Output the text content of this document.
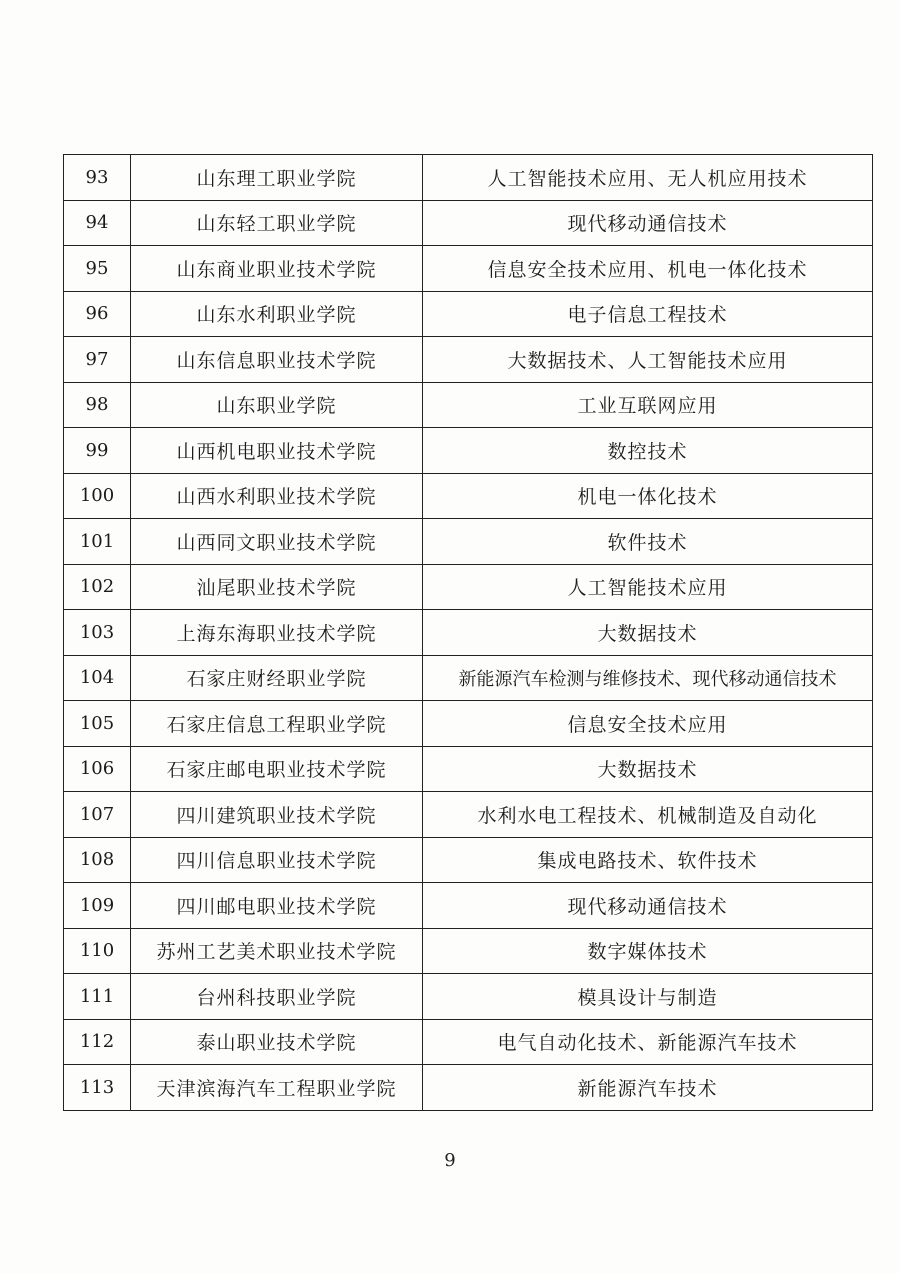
93	山东理工职业学院	人工智能技术应用、无人机应用技术
94	山东轻工职业学院	现代移动通信技术
95	山东商业职业技术学院	信息安全技术应用、机电一体化技术
96	山东水利职业学院	电子信息工程技术
97	山东信息职业技术学院	大数据技术、人工智能技术应用
98	山东职业学院	工业互联网应用
99	山西机电职业技术学院	数控技术
100	山西水利职业技术学院	机电一体化技术
101	山西同文职业技术学院	软件技术
102	汕尾职业技术学院	人工智能技术应用
103	上海东海职业技术学院	大数据技术
104	石家庄财经职业学院	新能源汽车检测与维修技术、现代移动通信技术
105	石家庄信息工程职业学院	信息安全技术应用
106	石家庄邮电职业技术学院	大数据技术
107	四川建筑职业技术学院	水利水电工程技术、机械制造及自动化
108	四川信息职业技术学院	集成电路技术、软件技术
109	四川邮电职业技术学院	现代移动通信技术
110	苏州工艺美术职业技术学院	数字媒体技术
111	台州科技职业学院	模具设计与制造
112	泰山职业技术学院	电气自动化技术、新能源汽车技术
113	天津滨海汽车工程职业学院	新能源汽车技术
9
